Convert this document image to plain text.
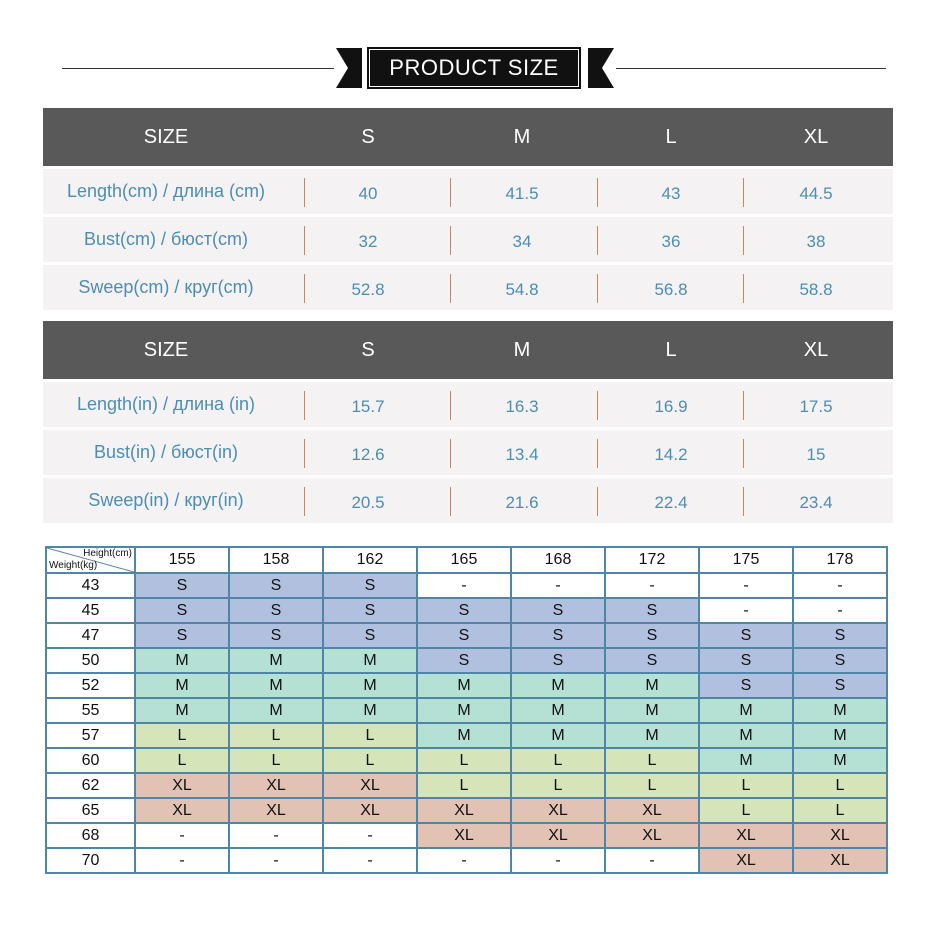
PRODUCT SIZE
SIZE	S	M	L	XL
Length(cm) / длина (cm)	40	41.5	43	44.5
Bust(cm) / бюст(cm)	32	34	36	38
Sweep(cm) / круг(cm)	52.8	54.8	56.8	58.8
SIZE	S	M	L	XL
Length(in) / длина (in)	15.7	16.3	16.9	17.5
Bust(in) / бюст(in)	12.6	13.4	14.2	15
Sweep(in) / круг(in)	20.5	21.6	22.4	23.4
Height(cm)
Weight(kg)	155	158	162	165	168	172	175	178
43	S	S	S	-	-	-	-	-
45	S	S	S	S	S	S	-	-
47	S	S	S	S	S	S	S	S
50	M	M	M	S	S	S	S	S
52	M	M	M	M	M	M	S	S
55	M	M	M	M	M	M	M	M
57	L	L	L	M	M	M	M	M
60	L	L	L	L	L	L	M	M
62	XL	XL	XL	L	L	L	L	L
65	XL	XL	XL	XL	XL	XL	L	L
68	-	-	-	XL	XL	XL	XL	XL
70	-	-	-	-	-	-	XL	XL
